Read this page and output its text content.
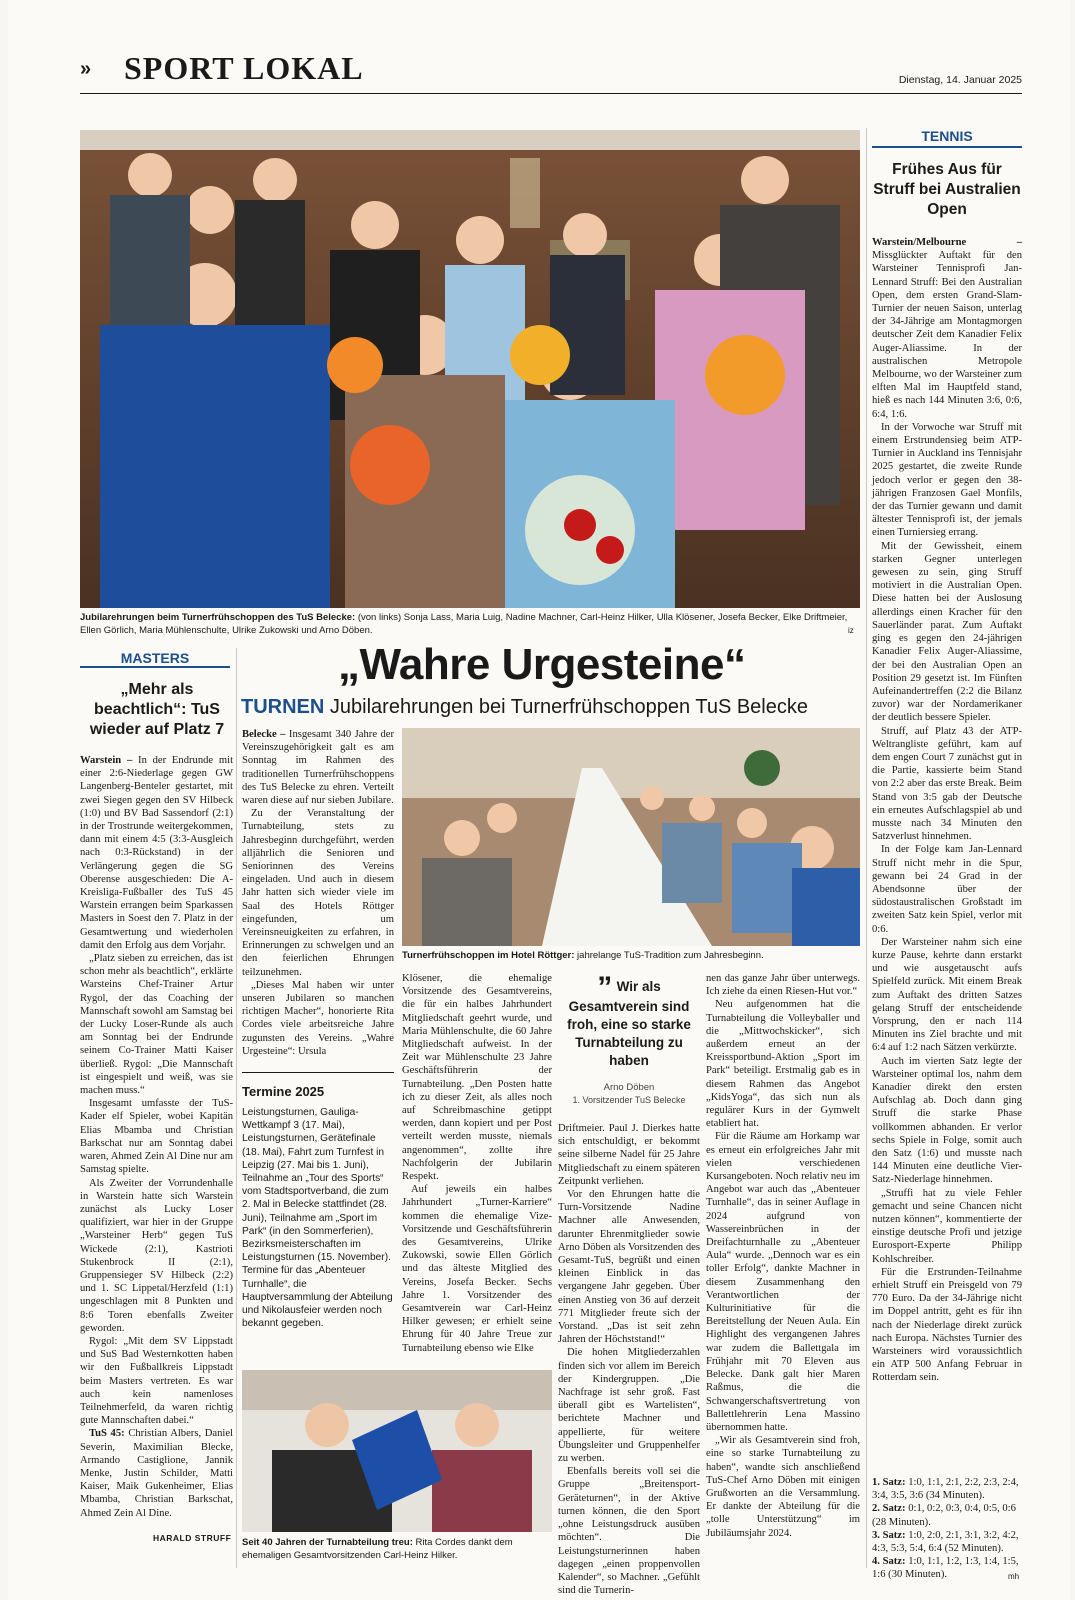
» SPORT LOKAL	Dienstag, 14. Januar 2025
Jubilarehrungen beim Turnerfrühschoppen des TuS Belecke: (von links) Sonja Lass, Maria Luig, Nadine Machner, Carl-Heinz Hilker, Ulla Klösener, Josefa Becker, Elke Driftmeier, Ellen Görlich, Maria Mühlenschulte, Ulrike Zukowski und Arno Döben.	iz
„Wahre Urgesteine“
TURNEN Jubilarehrungen bei Turnerfrühschoppen TuS Belecke
MASTERS
„Mehr als beachtlich“: TuS wieder auf Platz 7

Warstein – In der Endrunde mit einer 2:6-Niederlage gegen GW Langenberg-Benteler gestartet, mit zwei Siegen gegen den SV Hilbeck (1:0) und BV Bad Sassendorf (2:1) in der Trostrunde weitergekommen, dann mit einem 4:5 (3:3-Ausgleich nach 0:3-Rückstand) in der Verlängerung gegen die SG Oberense ausgeschieden: Die A-Kreisliga-Fußballer des TuS 45 Warstein errangen beim Sparkassen Masters in Soest den 7. Platz in der Gesamtwertung und wiederholen damit den Erfolg aus dem Vorjahr.

„Platz sieben zu erreichen, das ist schon mehr als beachtlich“, erklärte Warsteins Chef-Trainer Artur Rygol, der das Coaching der Mannschaft sowohl am Samstag bei der Lucky Loser-Runde als auch am Sonntag bei der Endrunde seinem Co-Trainer Matti Kaiser überließ. Rygol: „Die Mannschaft ist eingespielt und weiß, was sie machen muss.“

Insgesamt umfasste der TuS-Kader elf Spieler, wobei Kapitän Elias Mbamba und Christian Barkschat nur am Sonntag dabei waren, Ahmed Zein Al Dine nur am Samstag spielte.

Als Zweiter der Vorrundenhalle in Warstein hatte sich Warstein zunächst als Lucky Loser qualifiziert, war hier in der Gruppe „Warsteiner Herb“ gegen TuS Wickede (2:1), Kastrioti Stukenbrock II (2:1), Gruppensieger SV Hilbeck (2:2) und 1. SC Lippetal/Herzfeld (1:1) ungeschlagen mit 8 Punkten und 8:6 Toren ebenfalls Zweiter geworden.

Rygol: „Mit dem SV Lippstadt und SuS Bad Westernkotten haben wir den Fußballkreis Lippstadt beim Masters vertreten. Es war auch kein namenloses Teilnehmerfeld, da waren richtig gute Mannschaften dabei.“

TuS 45: Christian Albers, Daniel Severin, Maximilian Blecke, Armando Castiglione, Jannik Menke, Justin Schilder, Matti Kaiser, Maik Gukenheimer, Elias Mbamba, Christian Barkschat, Ahmed Zein Al Dine.

HARALD STRUFF

Belecke – Insgesamt 340 Jahre der Vereinszugehörigkeit galt es am Sonntag im Rahmen des traditionellen Turnerfrühschoppens des TuS Belecke zu ehren. Verteilt waren diese auf nur sieben Jubilare.

Zu der Veranstaltung der Turnabteilung, stets zu Jahresbeginn durchgeführt, werden alljährlich die Senioren und Seniorinnen des Vereins eingeladen. Und auch in diesem Jahr hatten sich wieder viele im Saal des Hotels Röttger eingefunden, um Vereinsneuigkeiten zu erfahren, in Erinnerungen zu schwelgen und an den feierlichen Ehrungen teilzunehmen.

„Dieses Mal haben wir unter unseren Jubilaren so manchen richtigen Macher“, honorierte Rita Cordes viele arbeitsreiche Jahre zugunsten des Vereins. „Wahre Urgesteine“: Ursula

Termine 2025
Leistungsturnen, Gauliga-Wettkampf 3 (17. Mai), Leistungsturnen, Gerätefinale (18. Mai), Fahrt zum Turnfest in Leipzig (27. Mai bis 1. Juni), Teilnahme an „Tour des Sports“ vom Stadtsportverband, die zum 2. Mal in Belecke stattfindet (28. Juni), Teilnahme am „Sport im Park“ (in den Sommerferien), Bezirksmeisterschaften im Leistungsturnen (15. November). Termine für das „Abenteuer Turnhalle“, die Hauptversammlung der Abteilung und Nikolausfeier werden noch bekannt gegeben.
Turnerfrühschoppen im Hotel Röttger: jahrelange TuS-Tradition zum Jahresbeginn.

Klösener, die ehemalige Vorsitzende des Gesamtvereins, die für ein halbes Jahrhundert Mitgliedschaft geehrt wurde, und Maria Mühlenschulte, die 60 Jahre Mitgliedschaft aufweist. In der Zeit war Mühlenschulte 23 Jahre Geschäftsführerin der Turnabteilung. „Den Posten hatte ich zu dieser Zeit, als alles noch auf Schreibmaschine getippt werden, dann kopiert und per Post verteilt werden musste, niemals angenommen“, zollte ihre Nachfolgerin der Jubilarin Respekt.

Auf jeweils ein halbes Jahrhundert „Turner-Karriere“ kommen die ehemalige Vize-Vorsitzende und Geschäftsführerin des Gesamtvereins, Ulrike Zukowski, sowie Ellen Görlich und das älteste Mitglied des Vereins, Josefa Becker. Sechs Jahre 1. Vorsitzender des Gesamtverein war Carl-Heinz Hilker gewesen; er erhielt seine Ehrung für 40 Jahre Treue zur Turnabteilung ebenso wie Elke

” Wir als Gesamtverein sind froh, eine so starke Turnabteilung zu haben
Arno Döben
1. Vorsitzender TuS Belecke

Driftmeier. Paul J. Dierkes hatte sich entschuldigt, er bekommt seine silberne Nadel für 25 Jahre Mitgliedschaft zu einem späteren Zeitpunkt verliehen.

Vor den Ehrungen hatte die Turn-Vorsitzende Nadine Machner alle Anwesenden, darunter Ehrenmitglieder sowie Arno Döben als Vorsitzenden des Gesamt-TuS, begrüßt und einen kleinen Einblick in das vergangene Jahr gegeben. Über einen Anstieg von 36 auf derzeit 771 Mitglieder freute sich der Vorstand. „Das ist seit zehn Jahren der Höchststand!“

Die hohen Mitgliederzahlen finden sich vor allem im Bereich der Kindergruppen. „Die Nachfrage ist sehr groß. Fast überall gibt es Wartelisten“, berichtete Machner und appellierte, für weitere Übungsleiter und Gruppenhelfer zu werben.

Ebenfalls bereits voll sei die Gruppe „Breitensport-Geräteturnen“, in der Aktive turnen können, die den Sport „ohne Leistungsdruck ausüben möchten“. Die Leistungsturnerinnen haben dagegen „einen proppenvollen Kalender“, so Machner. „Gefühlt sind die Turnerin-

nen das ganze Jahr über unterwegs. Ich ziehe da einen Riesen-Hut vor.“

Neu aufgenommen hat die Turnabteilung die Volleyballer und die „Mittwochskicker“, sich außerdem erneut an der Kreissportbund-Aktion „Sport im Park“ beteiligt. Erstmalig gab es in diesem Rahmen das Angebot „KidsYoga“, das sich nun als regulärer Kurs in der Gymwelt etabliert hat.

Für die Räume am Horkamp war es erneut ein erfolgreiches Jahr mit vielen verschiedenen Kursangeboten. Noch relativ neu im Angebot war auch das „Abenteuer Turnhalle“, das in seiner Auflage in 2024 aufgrund von Wassereinbrüchen in der Dreifachturnhalle zu „Abenteuer Aula“ wurde. „Dennoch war es ein toller Erfolg“, dankte Machner in diesem Zusammenhang den Verantwortlichen der Kulturinitiative für die Bereitstellung der Neuen Aula. Ein Highlight des vergangenen Jahres war zudem die Ballettgala im Frühjahr mit 70 Eleven aus Belecke. Dank galt hier Maren Raßmus, die die Schwangerschaftsvertretung von Ballettlehrerin Lena Massino übernommen hatte.

„Wir als Gesamtverein sind froh, eine so starke Turnabteilung zu haben“, wandte sich anschließend TuS-Chef Arno Döben mit einigen Grußworten an die Versammlung. Er dankte der Abteilung für die „tolle Unterstützung“ im Jubiläumsjahr 2024.

Seit 40 Jahren der Turnabteilung treu: Rita Cordes dankt dem ehemaligen Gesamtvorsitzenden Carl-Heinz Hilker.
TENNIS
Frühes Aus für Struff bei Australien Open

Warstein/Melbourne – Missglückter Auftakt für den Warsteiner Tennisprofi Jan-Lennard Struff: Bei den Australian Open, dem ersten Grand-Slam-Turnier der neuen Saison, unterlag der 34-Jährige am Montagmorgen deutscher Zeit dem Kanadier Felix Auger-Aliassime. In der australischen Metropole Melbourne, wo der Warsteiner zum elften Mal im Hauptfeld stand, hieß es nach 144 Minuten 3:6, 0:6, 6:4, 1:6.

In der Vorwoche war Struff mit einem Erstrundensieg beim ATP-Turnier in Auckland ins Tennisjahr 2025 gestartet, die zweite Runde jedoch verlor er gegen den 38-jährigen Franzosen Gael Monfils, der das Turnier gewann und damit ältester Tennisprofi ist, der jemals einen Turniersieg errang.

Mit der Gewissheit, einem starken Gegner unterlegen gewesen zu sein, ging Struff motiviert in die Australian Open. Diese hatten bei der Auslosung allerdings einen Kracher für den Sauerländer parat. Zum Auftakt ging es gegen den 24-jährigen Kanadier Felix Auger-Aliassime, der bei den Australian Open an Position 29 gesetzt ist. Im Fünften Aufeinandertreffen (2:2 die Bilanz zuvor) war der Nordamerikaner der deutlich bessere Spieler.

Struff, auf Platz 43 der ATP-Weltrangliste geführt, kam auf dem engen Court 7 zunächst gut in die Partie, kassierte beim Stand von 2:2 aber das erste Break. Beim Stand von 3:5 gab der Deutsche ein erneutes Aufschlagspiel ab und musste nach 34 Minuten den Satzverlust hinnehmen.

In der Folge kam Jan-Lennard Struff nicht mehr in die Spur, gewann bei 24 Grad in der Abendsonne über der südostaustralischen Großstadt im zweiten Satz kein Spiel, verlor mit 0:6.

Der Warsteiner nahm sich eine kurze Pause, kehrte dann erstarkt und wie ausgetauscht aufs Spielfeld zurück. Mit einem Break zum Auftakt des dritten Satzes gelang Struff der entscheidende Vorsprung, den er nach 114 Minuten ins Ziel brachte und mit 6:4 auf 1:2 nach Sätzen verkürzte.

Auch im vierten Satz legte der Warsteiner optimal los, nahm dem Kanadier direkt den ersten Aufschlag ab. Doch dann ging Struff die starke Phase vollkommen abhanden. Er verlor sechs Spiele in Folge, somit auch den Satz (1:6) und musste nach 144 Minuten eine deutliche Vier-Satz-Niederlage hinnehmen.

„Struffi hat zu viele Fehler gemacht und seine Chancen nicht nutzen können“, kommentierte der einstige deutsche Profi und jetzige Eurosport-Experte Philipp Kohlschreiber.

Für die Erstrunden-Teilnahme erhielt Struff ein Preisgeld von 79 770 Euro. Da der 34-Jährige nicht im Doppel antritt, geht es für ihn nach der Niederlage direkt zurück nach Europa. Nächstes Turnier des Warsteiners wird voraussichtlich ein ATP 500 Anfang Februar in Rotterdam sein.

1. Satz: 1:0, 1:1, 2:1, 2:2, 2:3, 2:4, 3:4, 3:5, 3:6 (34 Minuten).

2. Satz: 0:1, 0:2, 0:3, 0:4, 0:5, 0:6 (28 Minuten).

3. Satz: 1:0, 2:0, 2:1, 3:1, 3:2, 4:2, 4:3, 5:3, 5:4, 6:4 (52 Minuten).

4. Satz: 1:0, 1:1, 1:2, 1:3, 1:4, 1:5, 1:6 (30 Minuten).	mh
